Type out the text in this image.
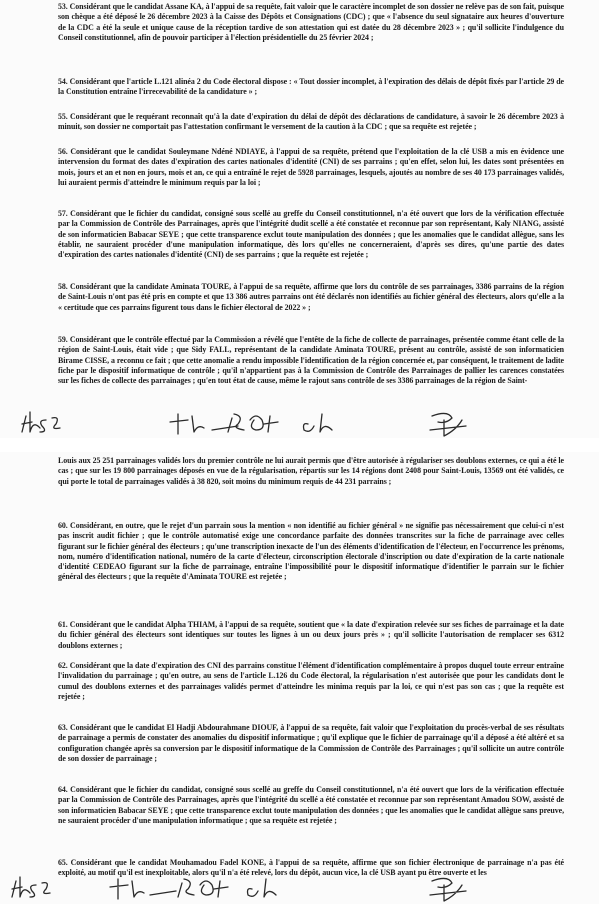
53. Considérant que le candidat Assane KA, à l'appui de sa requête, fait valoir que le caractère incomplet de son dossier ne relève pas de son fait, puisque son chèque a été déposé le 26 décembre 2023 à la Caisse des Dépôts et Consignations (CDC) ; que « l'absence du seul signataire aux heures d'ouverture de la CDC a été la seule et unique cause de la réception tardive de son attestation qui est datée du 28 décembre 2023 » ; qu'il sollicite l'indulgence du Conseil constitutionnel, afin de pouvoir participer à l'élection présidentielle du 25 février 2024 ;
54. Considérant que l'article L.121 alinéa 2 du Code électoral dispose : « Tout dossier incomplet, à l'expiration des délais de dépôt fixés par l'article 29 de la Constitution entraîne l'irrecevabilité de la candidature » ;
55. Considérant que le requérant reconnaît qu'à la date d'expiration du délai de dépôt des déclarations de candidature, à savoir le 26 décembre 2023 à minuit, son dossier ne comportait pas l'attestation confirmant le versement de la caution à la CDC ; que sa requête est rejetée ;
56. Considérant que le candidat Souleymane Ndéné NDIAYE, à l'appui de sa requête, prétend que l'exploitation de la clé USB a mis en évidence une intervension du format des dates d'expiration des cartes nationales d'identité (CNI) de ses parrains ; qu'en effet, selon lui, les dates sont présentées en mois, jours et an et non en jours, mois et an, ce qui a entraîné le rejet de 5928 parrainages, lesquels, ajoutés au nombre de ses 40 173 parrainages validés, lui auraient permis d'atteindre le minimum requis par la loi ;
57. Considérant que le fichier du candidat, consigné sous scellé au greffe du Conseil constitutionnel, n'a été ouvert que lors de la vérification effectuée par la Commission de Contrôle des Parrainages, après que l'intégrité dudit scellé a été constatée et reconnue par son représentant, Kaly NIANG, assisté de son informaticien Babacar SEYE ; que cette transparence exclut toute manipulation des données ; que les anomalies que le candidat allègue, sans les établir, ne sauraient procéder d'une manipulation informatique, dès lors qu'elles ne concerneraient, d'après ses dires, qu'une partie des dates d'expiration des cartes nationales d'identité (CNI) de ses parrains ; que la requête est rejetée ;
58. Considérant que la candidate Aminata TOURE, à l'appui de sa requête, affirme que lors du contrôle de ses parrainages, 3386 parrains de la région de Saint-Louis n'ont pas été pris en compte et que 13 386 autres parrains ont été déclarés non identifiés au fichier général des électeurs, alors qu'elle a la « certitude que ces parrains figurent tous dans le fichier électoral de 2022 » ;
59. Considérant que le contrôle effectué par la Commission a révélé que l'entête de la fiche de collecte de parrainages, présentée comme étant celle de la région de Saint-Louis, était vide ; que Sidy FALL, représentant de la candidate Aminata TOURE, présent au contrôle, assisté de son informaticien Birame CISSE, a reconnu ce fait ; que cette anomalie a rendu impossible l'identification de la région concernée et, par conséquent, le traitement de ladite fiche par le dispositif informatique de contrôle ; qu'il n'appartient pas à la Commission de Contrôle des Parrainages de pallier les carences constatées sur les fiches de collecte des parrainages ; qu'en tout état de cause, même le rajout sans contrôle de ses 3386 parrainages de la région de Saint-
Louis aux 25 251 parrainages validés lors du premier contrôle ne lui aurait permis que d'être autorisée à régulariser ses doublons externes, ce qui a été le cas ; que sur les 19 800 parrainages déposés en vue de la régularisation, répartis sur les 14 régions dont 2408 pour Saint-Louis, 13569 ont été validés, ce qui porte le total de parrainages validés à 38 820, soit moins du minimum requis de 44 231 parrains ;
60. Considérant, en outre, que le rejet d'un parrain sous la mention « non identifié au fichier général » ne signifie pas nécessairement que celui-ci n'est pas inscrit audit fichier ; que le contrôle automatisé exige une concordance parfaite des données transcrites sur la fiche de parrainage avec celles figurant sur le fichier général des électeurs ; qu'une transcription inexacte de l'un des éléments d'identification de l'électeur, en l'occurrence les prénoms, nom, numéro d'identification national, numéro de la carte d'électeur, circonscription électorale d'inscription ou date d'expiration de la carte nationale d'identité CEDEAO figurant sur la fiche de parrainage, entraîne l'impossibilité pour le dispositif informatique d'identifier le parrain sur le fichier général des électeurs ; que la requête d'Aminata TOURE est rejetée ;
61. Considérant que le candidat Alpha THIAM, à l'appui de sa requête, soutient que « la date d'expiration relevée sur ses fiches de parrainage et la date du fichier général des électeurs sont identiques sur toutes les lignes à un ou deux jours près » ; qu'il sollicite l'autorisation de remplacer ses 6312 doublons externes ;
62. Considérant que la date d'expiration des CNI des parrains constitue l'élément d'identification complémentaire à propos duquel toute erreur entraîne l'invalidation du parrainage ; qu'en outre, au sens de l'article L.126 du Code électoral, la régularisation n'est autorisée que pour les candidats dont le cumul des doublons externes et des parrainages validés permet d'atteindre les minima requis par la loi, ce qui n'est pas son cas ; que la requête est rejetée ;
63. Considérant que le candidat El Hadji Abdourahmane DIOUF, à l'appui de sa requête, fait valoir que l'exploitation du procès-verbal de ses résultats de parrainage a permis de constater des anomalies du dispositif informatique ; qu'il explique que le fichier de parrainage qu'il a déposé a été altéré et sa configuration changée après sa conversion par le dispositif informatique de la Commission de Contrôle des Parrainages ; qu'il sollicite un autre contrôle de son dossier de parrainage ;
64. Considérant que le fichier du candidat, consigné sous scellé au greffe du Conseil constitutionnel, n'a été ouvert que lors de la vérification effectuée par la Commission de Contrôle des Parrainages, après que l'intégrité du scellé a été constatée et reconnue par son représentant Amadou SOW, assisté de son informaticien Babacar SEYE ; que cette transparence exclut toute manipulation des données ; que les anomalies que le candidat allègue sans preuve, ne sauraient procéder d'une manipulation informatique ; que sa requête est rejetée ;
65. Considérant que le candidat Mouhamadou Fadel KONE, à l'appui de sa requête, affirme que son fichier électronique de parrainage n'a pas été exploité, au motif qu'il est inexploitable, alors qu'il n'a été relevé, lors du dépôt, aucun vice, la clé USB ayant pu être ouverte et les
